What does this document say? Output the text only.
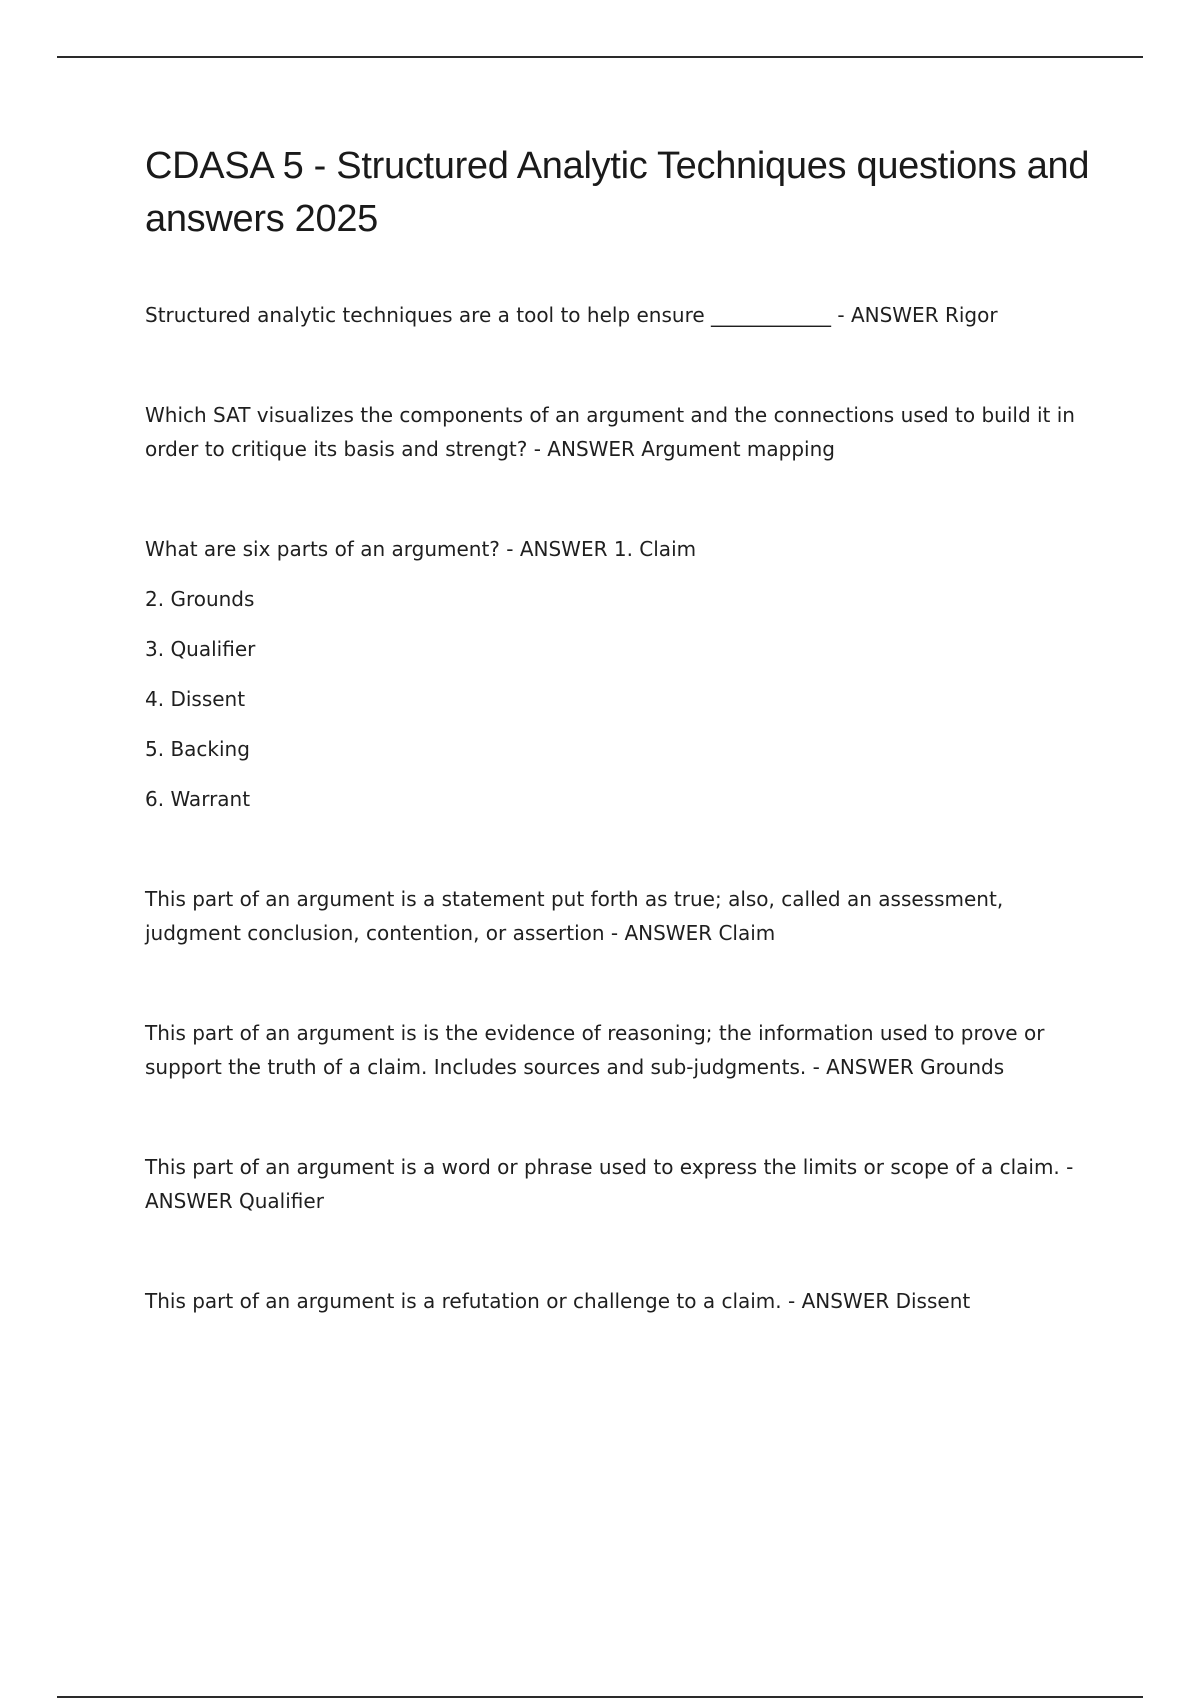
CDASA 5 - Structured Analytic Techniques questions and answers 2025

Structured analytic techniques are a tool to help ensure ____________ - ANSWER Rigor

Which SAT visualizes the components of an argument and the connections used to build it in order to critique its basis and strengt? - ANSWER Argument mapping

What are six parts of an argument? - ANSWER 1. Claim

2. Grounds

3. Qualifier

4. Dissent

5. Backing

6. Warrant

This part of an argument is a statement put forth as true; also, called an assessment, judgment conclusion, contention, or assertion - ANSWER Claim

This part of an argument is is the evidence of reasoning; the information used to prove or support the truth of a claim. Includes sources and sub-judgments. - ANSWER Grounds

This part of an argument is a word or phrase used to express the limits or scope of a claim. - ANSWER Qualifier

This part of an argument is a refutation or challenge to a claim. - ANSWER Dissent
